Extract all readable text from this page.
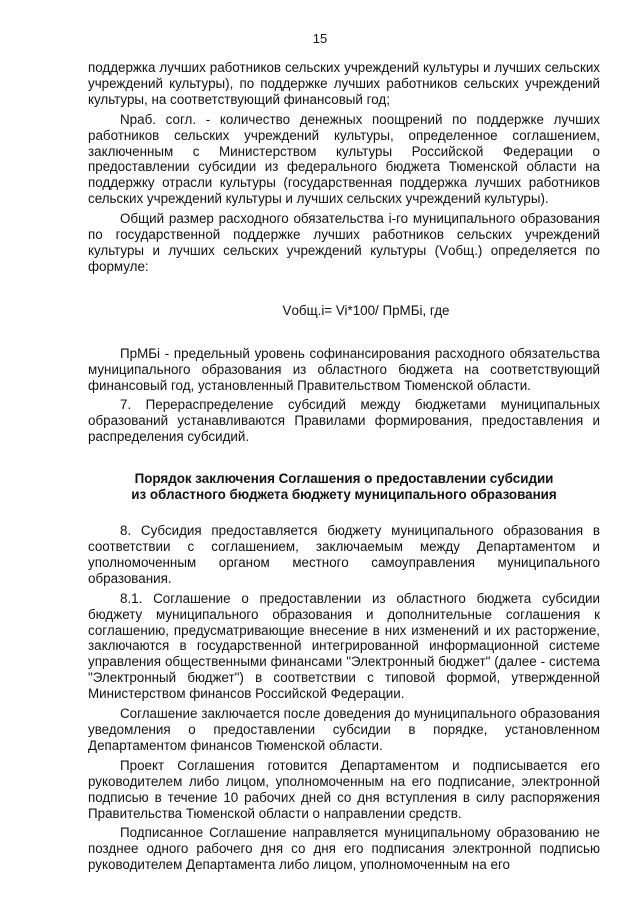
15

поддержка лучших работников сельских учреждений культуры и лучших сельских учреждений культуры), по поддержке лучших работников сельских учреждений культуры, на соответствующий финансовый год;

Nраб. согл. - количество денежных поощрений по поддержке лучших работников сельских учреждений культуры, определенное соглашением, заключенным с Министерством культуры Российской Федерации о предоставлении субсидии из федерального бюджета Тюменской области на поддержку отрасли культуры (государственная поддержка лучших работников сельских учреждений культуры и лучших сельских учреждений культуры).

Общий размер расходного обязательства i-го муниципального образования по государственной поддержке лучших работников сельских учреждений культуры и лучших сельских учреждений культуры (Vобщ.) определяется по формуле:

Vобщ.i= Vi*100/ ПрМБi, где

ПрМБi - предельный уровень софинансирования расходного обязательства муниципального образования из областного бюджета на соответствующий финансовый год, установленный Правительством Тюменской области.

7. Перераспределение субсидий между бюджетами муниципальных образований устанавливаются Правилами формирования, предоставления и распределения субсидий.

Порядок заключения Соглашения о предоставлении субсидии
из областного бюджета бюджету муниципального образования

8. Субсидия предоставляется бюджету муниципального образования в соответствии с соглашением, заключаемым между Департаментом и уполномоченным органом местного самоуправления муниципального образования.

8.1. Соглашение о предоставлении из областного бюджета субсидии бюджету муниципального образования и дополнительные соглашения к соглашению, предусматривающие внесение в них изменений и их расторжение, заключаются в государственной интегрированной информационной системе управления общественными финансами "Электронный бюджет" (далее - система "Электронный бюджет") в соответствии с типовой формой, утвержденной Министерством финансов Российской Федерации.

Соглашение заключается после доведения до муниципального образования уведомления о предоставлении субсидии в порядке, установленном Департаментом финансов Тюменской области.

Проект Соглашения готовится Департаментом и подписывается его руководителем либо лицом, уполномоченным на его подписание, электронной подписью в течение 10 рабочих дней со дня вступления в силу распоряжения Правительства Тюменской области о направлении средств.

Подписанное Соглашение направляется муниципальному образованию не позднее одного рабочего дня со дня его подписания электронной подписью руководителем Департамента либо лицом, уполномоченным на его
